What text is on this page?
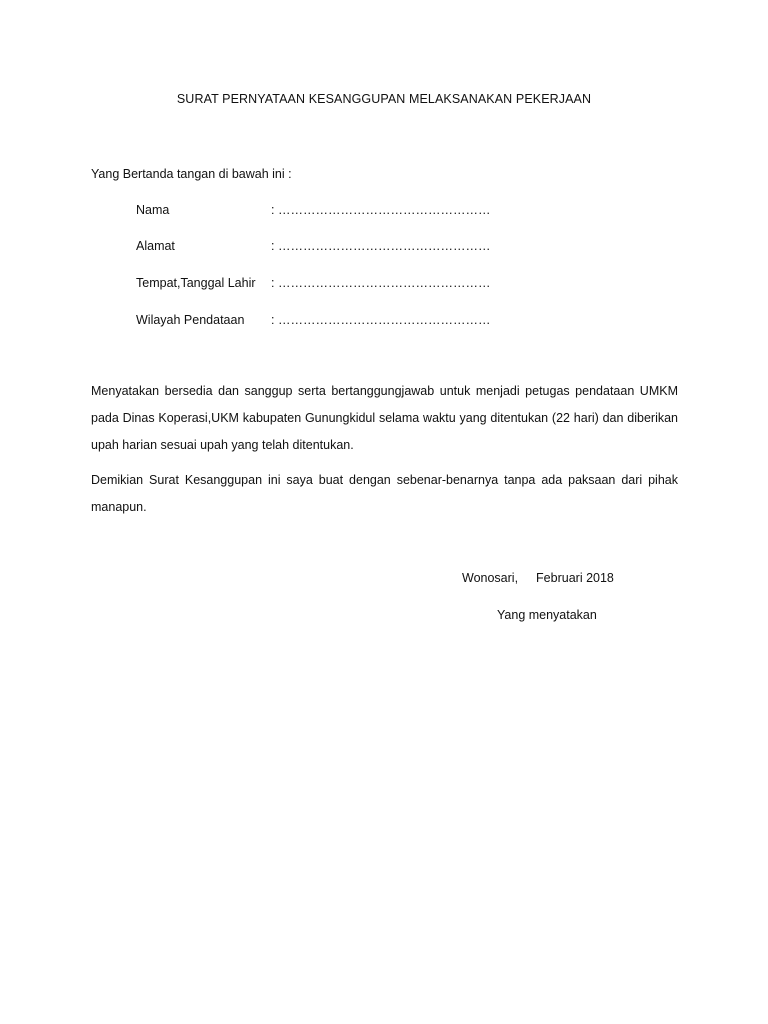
SURAT PERNYATAAN KESANGGUPAN MELAKSANAKAN PEKERJAAN
Yang Bertanda tangan di bawah ini :
Nama	: ……………………………………………
Alamat	: ……………………………………………
Tempat,Tanggal Lahir	: ……………………………………………
Wilayah Pendataan	: ……………………………………………
Menyatakan bersedia dan sanggup serta bertanggungjawab untuk menjadi petugas pendataan UMKM pada Dinas Koperasi,UKM kabupaten Gunungkidul selama waktu yang ditentukan (22 hari) dan diberikan upah harian sesuai upah yang telah ditentukan.
Demikian Surat Kesanggupan ini saya buat dengan sebenar-benarnya tanpa ada paksaan dari pihak manapun.
Wonosari, Februari 2018
Yang menyatakan
